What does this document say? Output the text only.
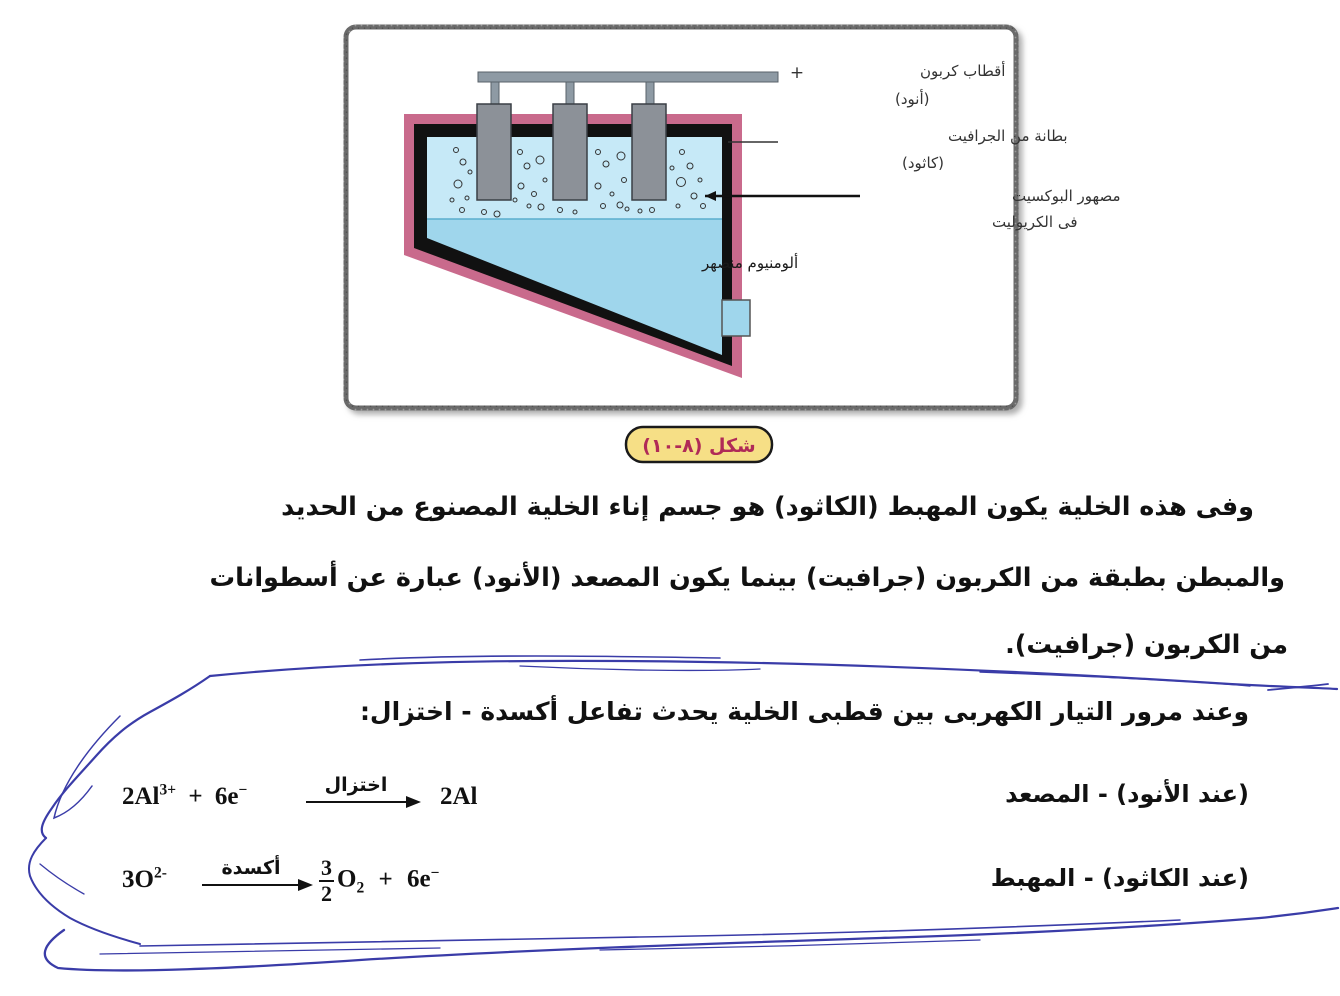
+	أقطاب كربون
(أنود)
بطانة من الجرافيت
(كاثود)
مصهور البوكسيت
فى الكريوليت
ألومنيوم منصهر
شكل (٨-١٠)
وفى هذه الخلية يكون المهبط (الكاثود) هو جسم إناء الخلية المصنوع من الحديد
والمبطن بطبقة من الكربون (جرافيت) بينما يكون المصعد (الأنود) عبارة عن أسطوانات
من الكربون (جرافيت).
وعند مرور التيار الكهربى بين قطبى الخلية يحدث تفاعل أكسدة - اختزال:
(عند الأنود) - المصعد
$2Al^{3+} + 6e^-$	اختزال	2Al
(عند الكاثود) - المهبط
$3O^{2-}$	أكسدة	$\frac{3}{2} O_2 + 6e^-$
